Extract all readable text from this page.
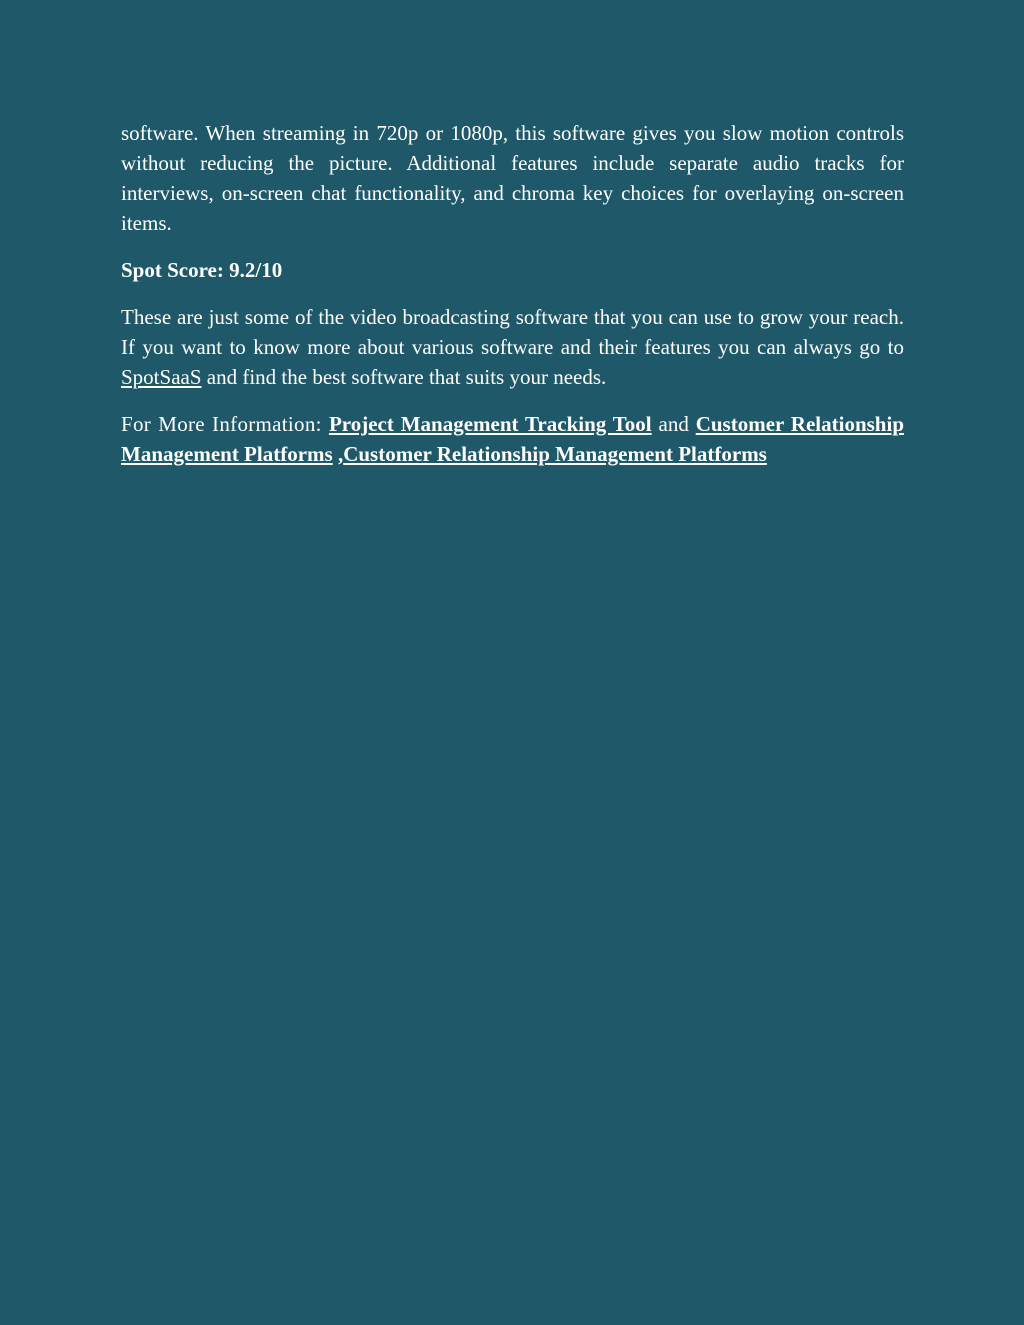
software. When streaming in 720p or 1080p, this software gives you slow motion controls without reducing the picture. Additional features include separate audio tracks for interviews, on-screen chat functionality, and chroma key choices for overlaying on-screen items.

Spot Score: 9.2/10

These are just some of the video broadcasting software that you can use to grow your reach. If you want to know more about various software and their features you can always go to SpotSaaS and find the best software that suits your needs.

For More Information: Project Management Tracking Tool and Customer Relationship Management Platforms ,Customer Relationship Management Platforms
